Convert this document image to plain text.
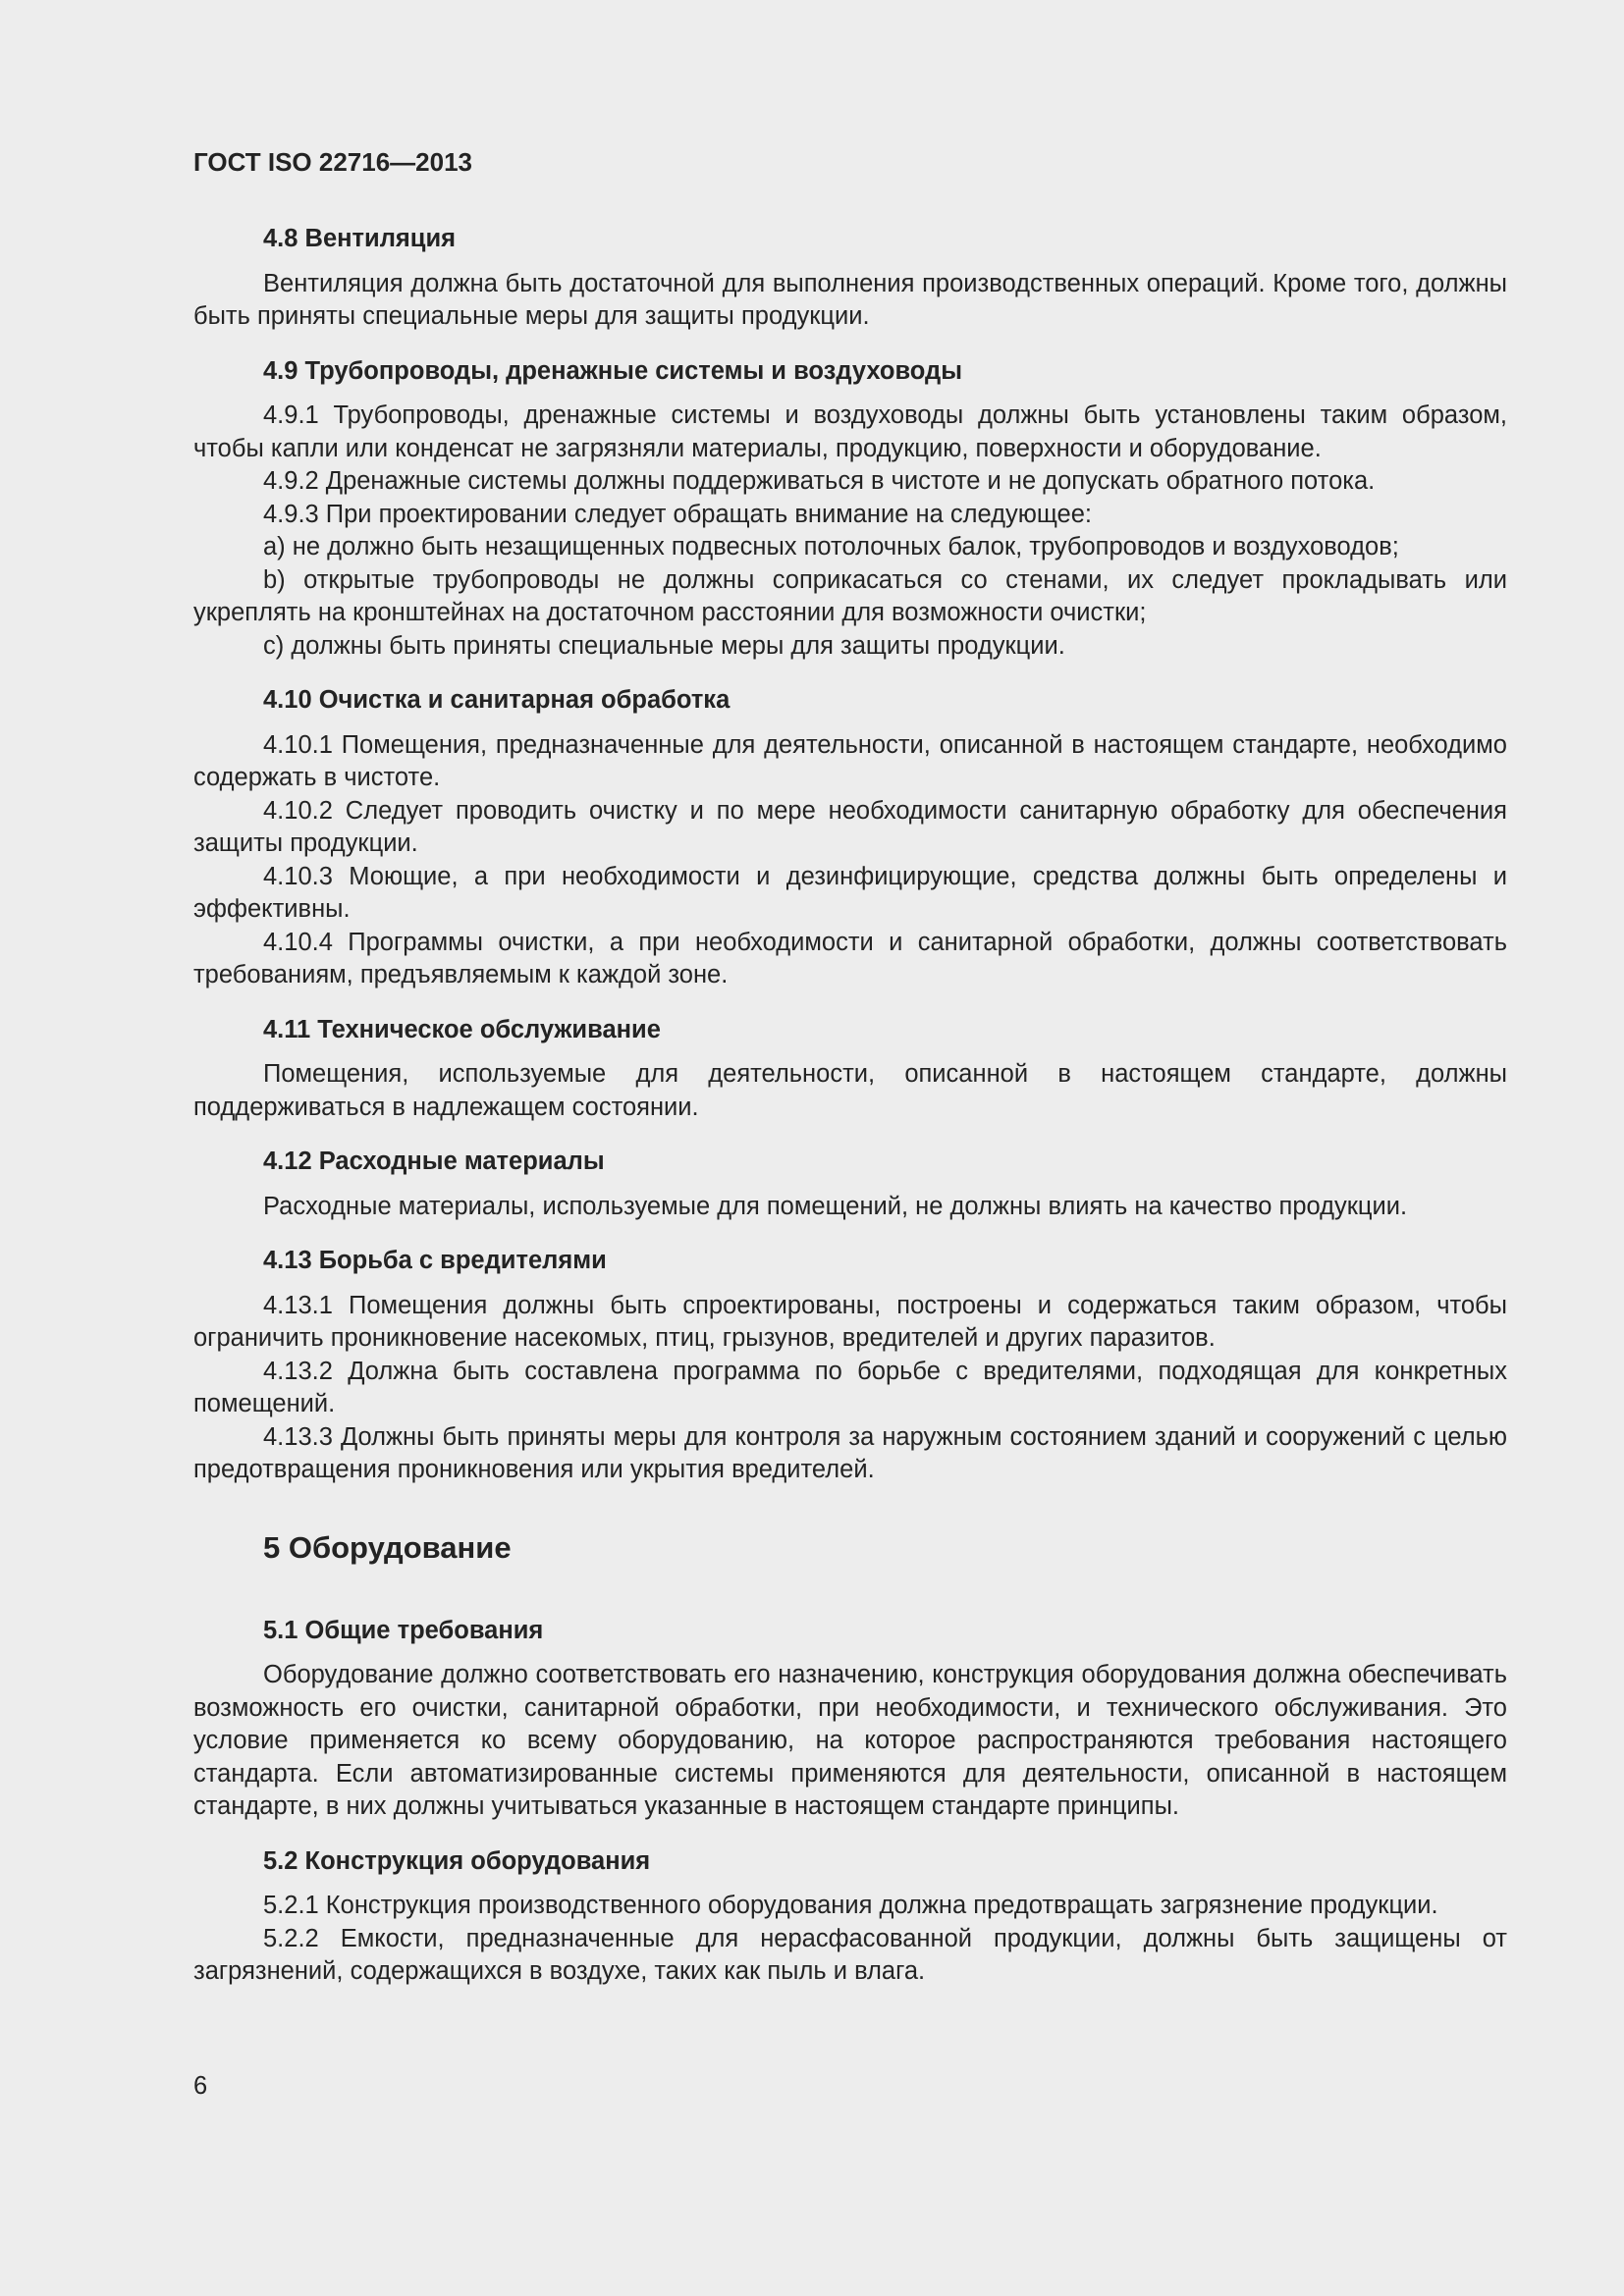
ГОСТ ISO 22716—2013
4.8 Вентиляция

Вентиляция должна быть достаточной для выполнения производственных операций. Кроме того, должны быть приняты специальные меры для защиты продукции.

4.9 Трубопроводы, дренажные системы и воздуховоды

4.9.1 Трубопроводы, дренажные системы и воздуховоды должны быть установлены таким образом, чтобы капли или конденсат не загрязняли материалы, продукцию, поверхности и оборудование.

4.9.2 Дренажные системы должны поддерживаться в чистоте и не допускать обратного потока.

4.9.3 При проектировании следует обращать внимание на следующее:

а) не должно быть незащищенных подвесных потолочных балок, трубопроводов и воздуховодов;

b) открытые трубопроводы не должны соприкасаться со стенами, их следует прокладывать или укреплять на кронштейнах на достаточном расстоянии для возможности очистки;

с) должны быть приняты специальные меры для защиты продукции.

4.10 Очистка и санитарная обработка

4.10.1 Помещения, предназначенные для деятельности, описанной в настоящем стандарте, необходимо содержать в чистоте.

4.10.2 Следует проводить очистку и по мере необходимости санитарную обработку для обеспечения защиты продукции.

4.10.3 Моющие, а при необходимости и дезинфицирующие, средства должны быть определены и эффективны.

4.10.4 Программы очистки, а при необходимости и санитарной обработки, должны соответствовать требованиям, предъявляемым к каждой зоне.

4.11 Техническое обслуживание

Помещения, используемые для деятельности, описанной в настоящем стандарте, должны поддерживаться в надлежащем состоянии.

4.12 Расходные материалы

Расходные материалы, используемые для помещений, не должны влиять на качество продукции.

4.13 Борьба с вредителями

4.13.1 Помещения должны быть спроектированы, построены и содержаться таким образом, чтобы ограничить проникновение насекомых, птиц, грызунов, вредителей и других паразитов.

4.13.2 Должна быть составлена программа по борьбе с вредителями, подходящая для конкретных помещений.

4.13.3 Должны быть приняты меры для контроля за наружным состоянием зданий и сооружений с целью предотвращения проникновения или укрытия вредителей.

5 Оборудование
5.1 Общие требования

Оборудование должно соответствовать его назначению, конструкция оборудования должна обеспечивать возможность его очистки, санитарной обработки, при необходимости, и технического обслуживания. Это условие применяется ко всему оборудованию, на которое распространяются требования настоящего стандарта. Если автоматизированные системы применяются для деятельности, описанной в настоящем стандарте, в них должны учитываться указанные в настоящем стандарте принципы.

5.2 Конструкция оборудования

5.2.1 Конструкция производственного оборудования должна предотвращать загрязнение продукции.

5.2.2 Емкости, предназначенные для нерасфасованной продукции, должны быть защищены от загрязнений, содержащихся в воздухе, таких как пыль и влага.

6
